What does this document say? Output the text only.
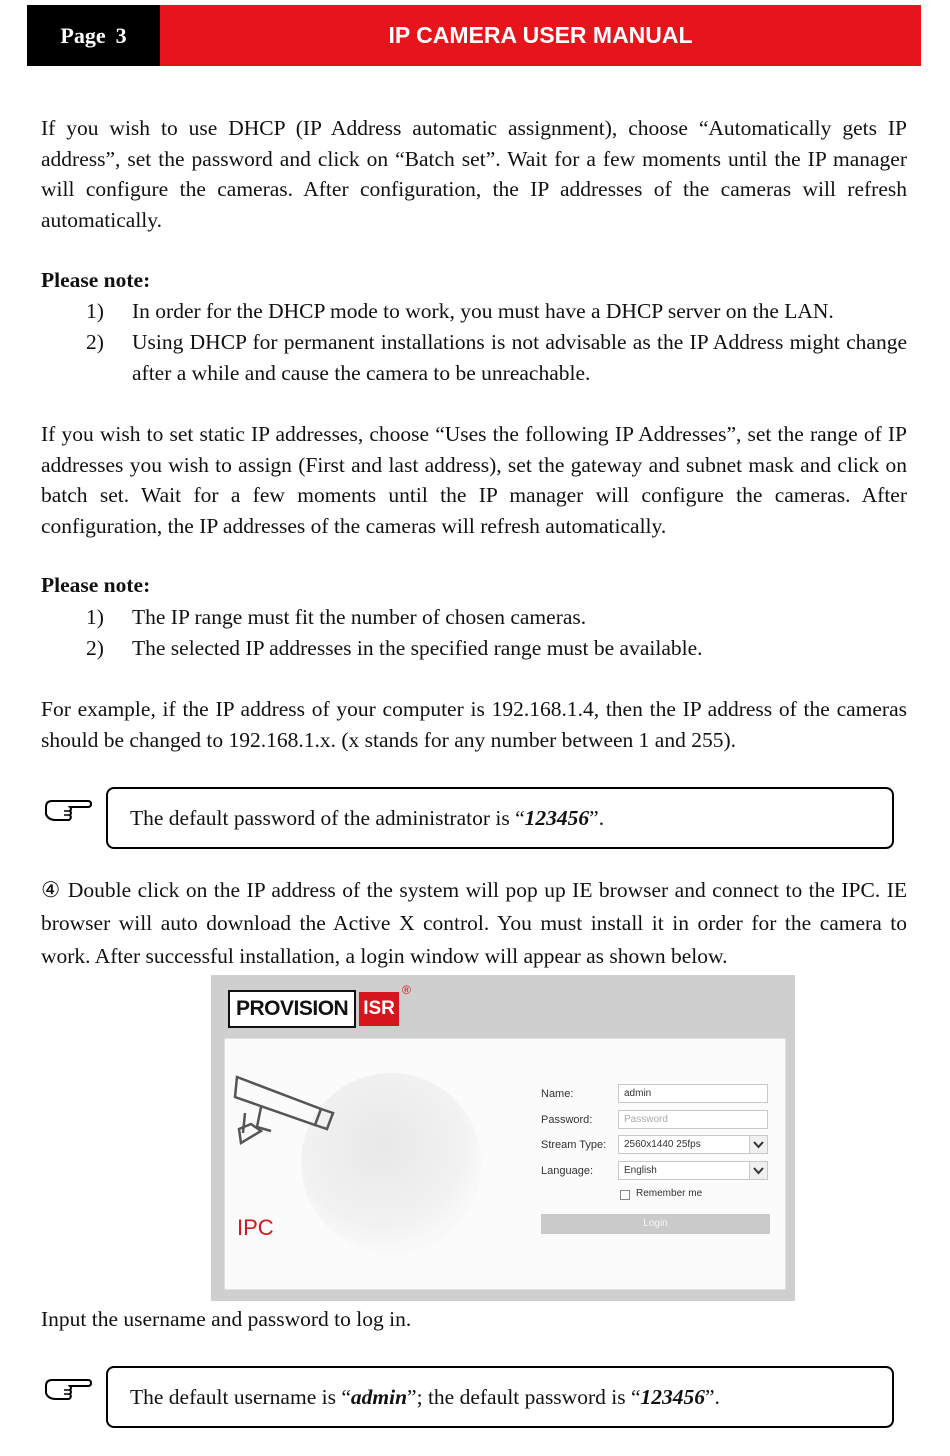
Page 3	IP CAMERA USER MANUAL

If you wish to use DHCP (IP Address automatic assignment), choose “Automatically gets IP address”, set the password and click on “Batch set”. Wait for a few moments until the IP manager will configure the cameras. After configuration, the IP addresses of the cameras will refresh automatically.

Please note:

1)	In order for the DHCP mode to work, you must have a DHCP server on the LAN.
2)	Using DHCP for permanent installations is not advisable as the IP Address might change after a while and cause the camera to be unreachable.

If you wish to set static IP addresses, choose “Uses the following IP Addresses”, set the range of IP addresses you wish to assign (First and last address), set the gateway and subnet mask and click on batch set. Wait for a few moments until the IP manager will configure the cameras. After configuration, the IP addresses of the cameras will refresh automatically.

Please note:

1)	The IP range must fit the number of chosen cameras.
2)	The selected IP addresses in the specified range must be available.

For example, if the IP address of your computer is 192.168.1.4, then the IP address of the cameras should be changed to 192.168.1.x. (x stands for any number between 1 and 255).

The default password of the administrator is “123456”.

④ Double click on the IP address of the system will pop up IE browser and connect to the IPC. IE browser will auto download the Active X control. You must install it in order for the camera to work. After successful installation, a login window will appear as shown below.

PROVISION ISR
®
IPC
Name:	admin
Password:	Password
Stream Type:	2560x1440 25fps
Language:	English
Remember me
Login

Input the username and password to log in.

The default username is “admin”; the default password is “123456”.
